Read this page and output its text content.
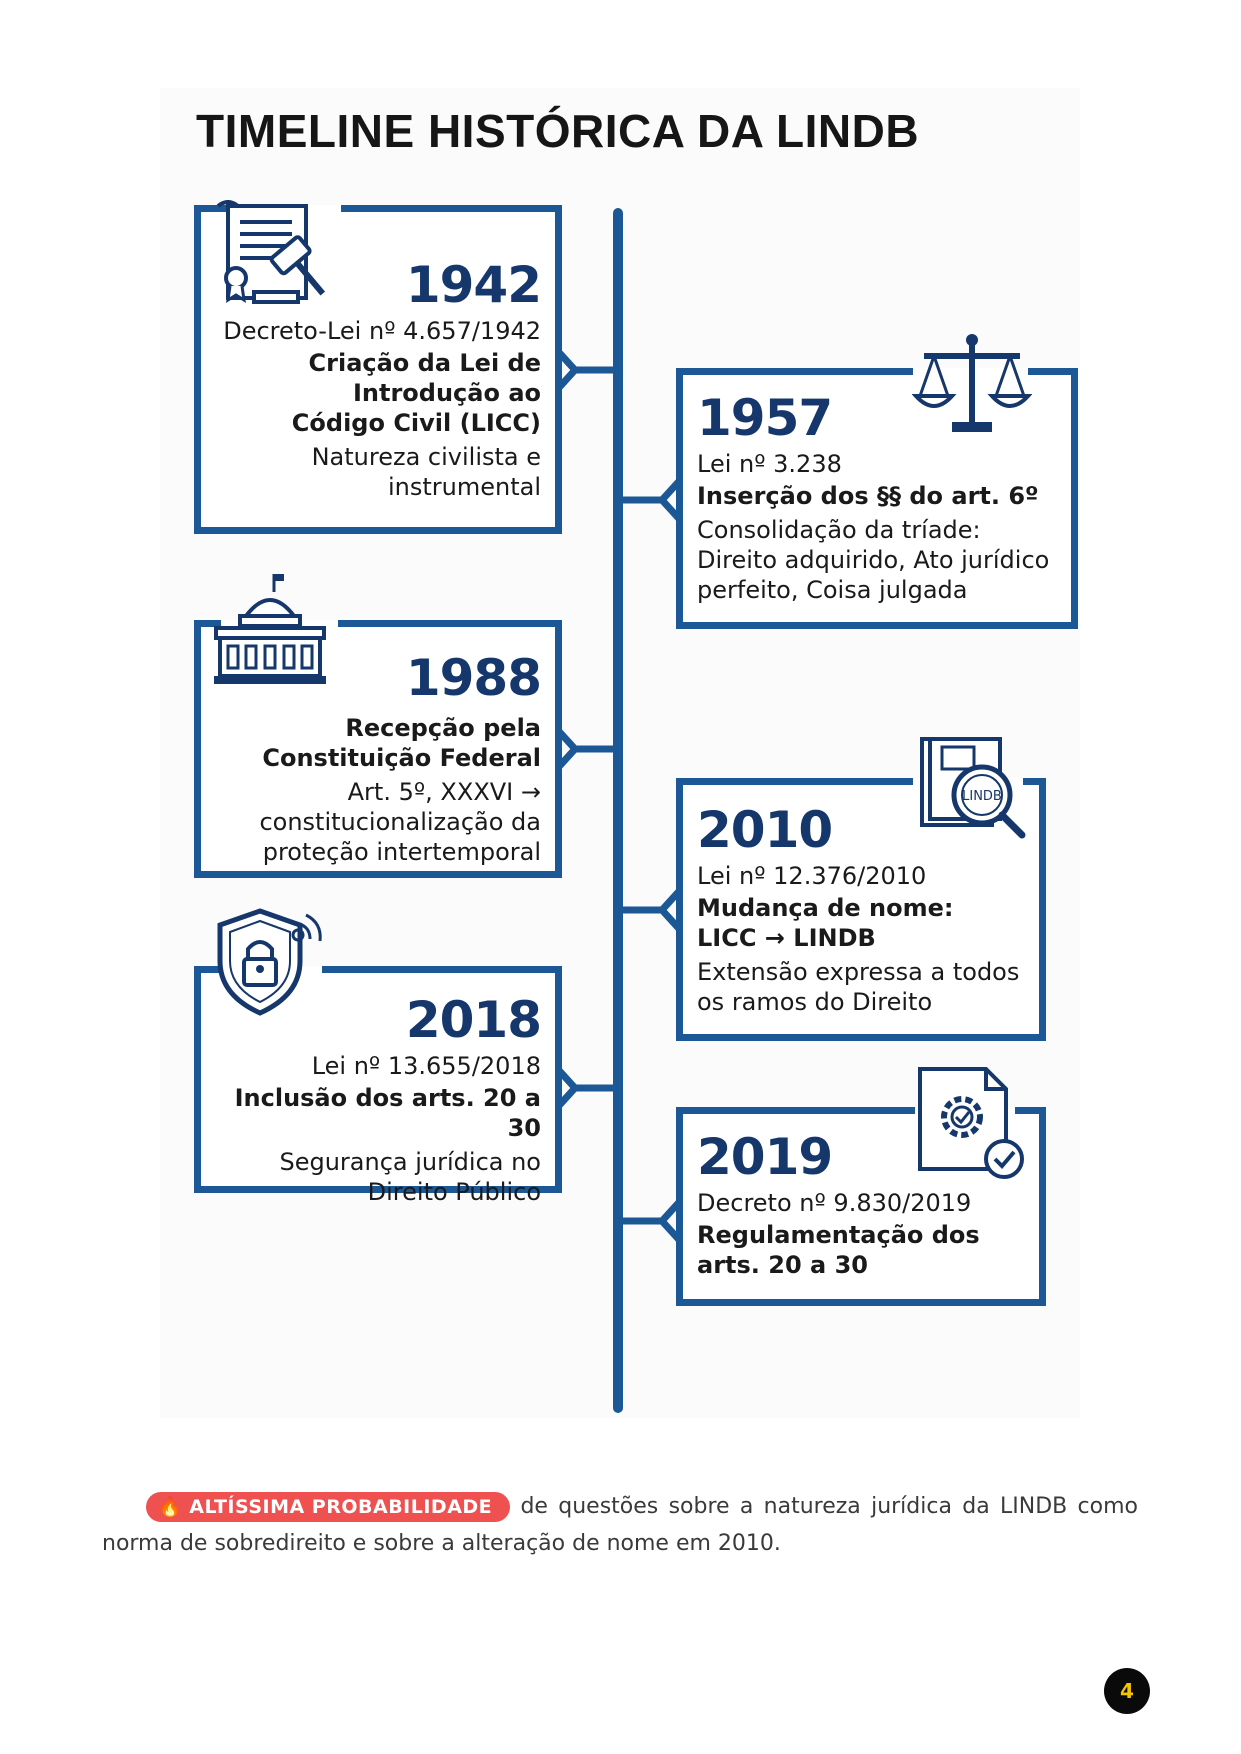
TIMELINE HISTÓRICA DA LINDB
1942
Decreto-Lei nº 4.657/1942
Criação da Lei de
Introdução ao
Código Civil (LICC)
Natureza civilista e
instrumental
1957
Lei nº 3.238
Inserção dos §§ do art. 6º
Consolidação da tríade:
Direito adquirido, Ato jurídico
perfeito, Coisa julgada
1988
Recepção pela
Constituição Federal
Art. 5º, XXXVI →
constitucionalização da
proteção intertemporal	2010
Lei nº 12.376/2010
Mudança de nome:
LICC → LINDB
Extensão expressa a todos
os ramos do Direito
LINDB
2018
Lei nº 13.655/2018
Inclusão dos arts. 20 a 30
Segurança jurídica no
Direito Público
2019
Decreto nº 9.830/2019
Regulamentação dos
arts. 20 a 30
🔥 ALTÍSSIMA PROBABILIDADE de questões sobre a natureza jurídica da LINDB como norma de sobredireito e sobre a alteração de nome em 2010.
4
